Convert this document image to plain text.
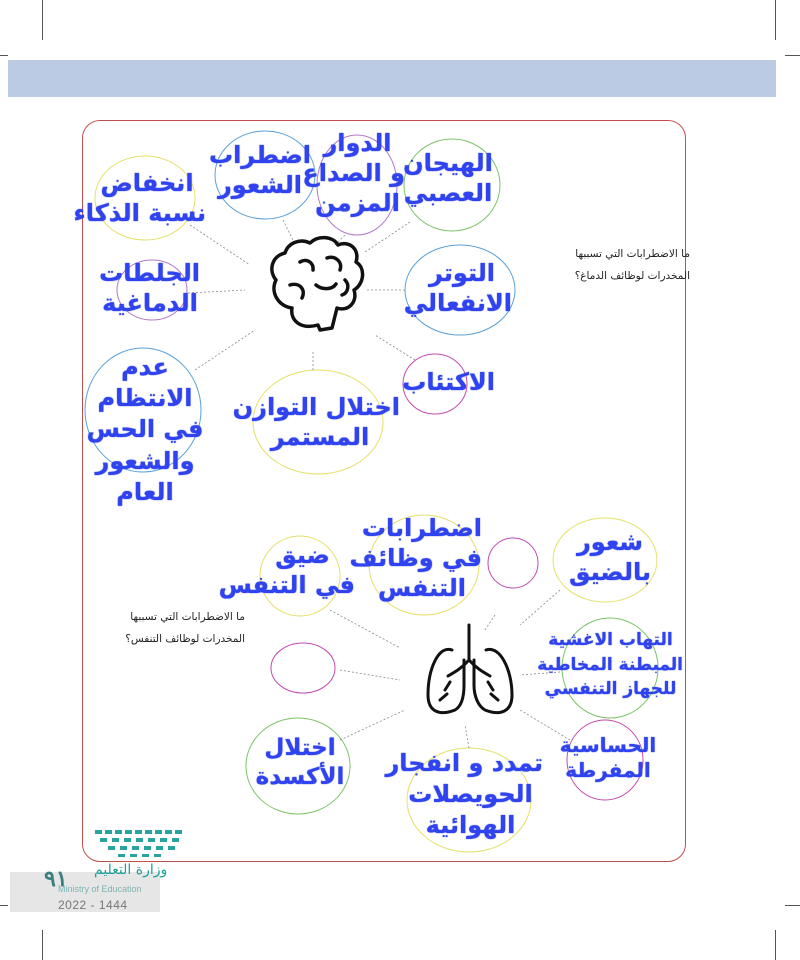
ما الاضطرابات التي تسببها
المخدرات لوظائف الدماغ؟
انخفاض
نسبة الذكاء
اضطراب
الشعور
الدوار
و الصداع
المزمن
الهيجان
العصبي
الجلطات
الدماغية
التوتر
الانفعالي
عدم
الانتظام
في الحس
والشعور
العام
اختلال التوازن
المستمر
الاكتئاب
ما الاضطرابات التي تسببها
المخدرات لوظائف التنفس؟
ضيق
في التنفس
اضطرابات
في وظائف
التنفس
شعور
بالضيق
التهاب الاغشية
المبطنة المخاطية
للجهاز التنفسي
الحساسية
المفرطة
اختلال
الأكسدة تمدد و انفجار
الحويصلات
الهوائية
٩١ وزارة التعليم
Ministry of Education
2022 - 1444
